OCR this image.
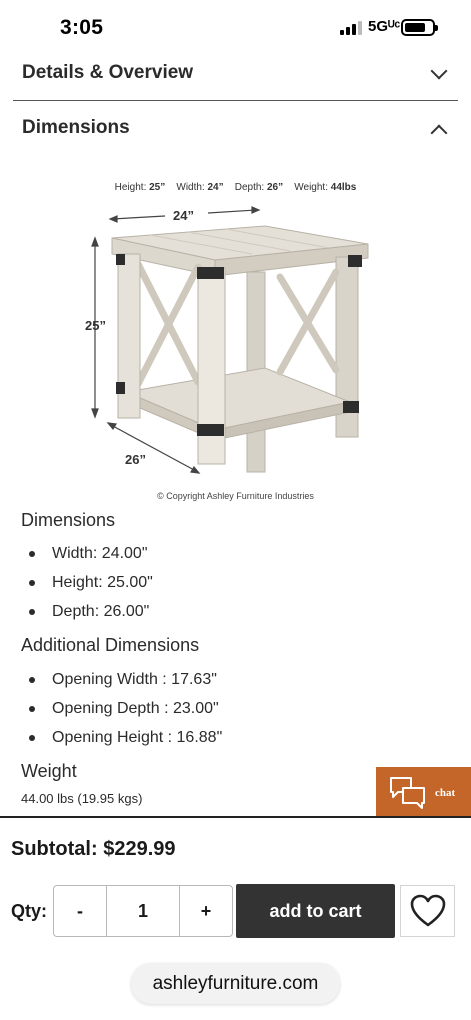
3:05	5Gᵁᶜ
Details & Overview
Dimensions
Height: 25” Width: 24” Depth: 26” Weight: 44lbs
24”
25”
26”
© Copyright Ashley Furniture Industries
Dimensions
Width: 24.00"
Height: 25.00"
Depth: 26.00"
Additional Dimensions
Opening Width : 17.63"
Opening Depth : 23.00"
Opening Height : 16.88"
Weight
44.00 lbs (19.95 kgs)	chat
Subtotal: $229.99
Qty:	-	1	+	add to cart
ashleyfurniture.com
